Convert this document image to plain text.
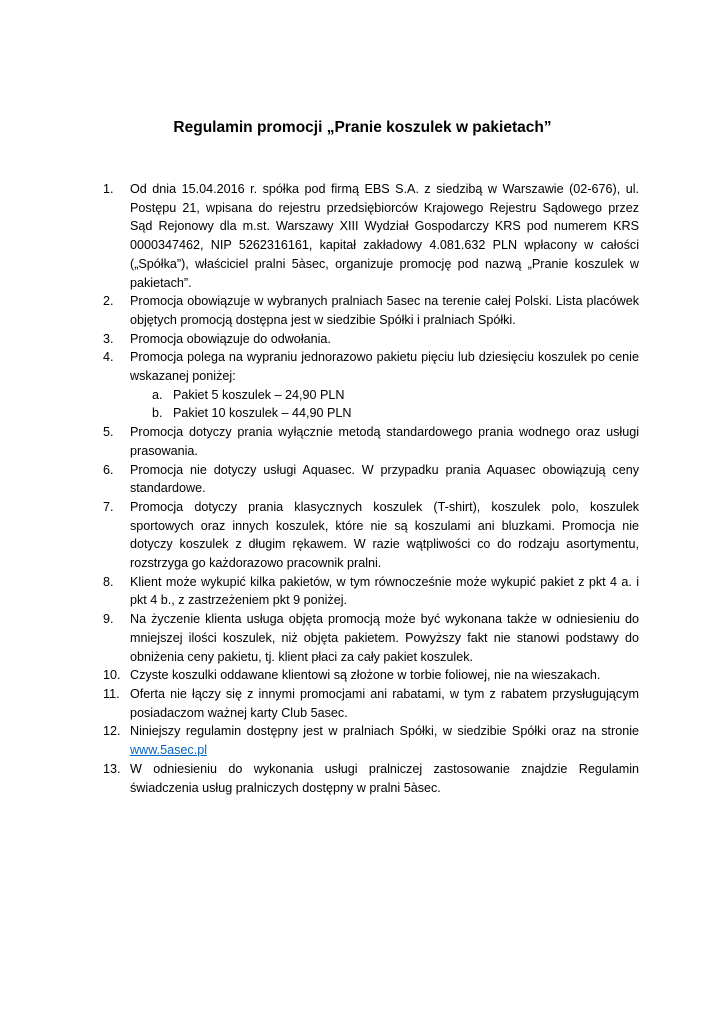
Regulamin promocji „Pranie koszulek w pakietach”
1. Od dnia 15.04.2016 r. spółka pod firmą EBS S.A. z siedzibą w Warszawie (02-676), ul. Postępu 21, wpisana do rejestru przedsiębiorców Krajowego Rejestru Sądowego przez Sąd Rejonowy dla m.st. Warszawy XIII Wydział Gospodarczy KRS pod numerem KRS 0000347462, NIP 5262316161, kapitał zakładowy 4.081.632 PLN wpłacony w całości („Spółka”), właściciel pralni 5àsec, organizuje promocję pod nazwą „Pranie koszulek w pakietach”.
2. Promocja obowiązuje w wybranych pralniach 5asec na terenie całej Polski. Lista placówek objętych promocją dostępna jest w siedzibie Spółki i pralniach Spółki.
3. Promocja obowiązuje do odwołania.
4. Promocja polega na wypraniu jednorazowo pakietu pięciu lub dziesięciu koszulek po cenie wskazanej poniżej:
a. Pakiet 5 koszulek – 24,90 PLN
b. Pakiet 10 koszulek – 44,90 PLN
5. Promocja dotyczy prania wyłącznie metodą standardowego prania wodnego oraz usługi prasowania.
6. Promocja nie dotyczy usługi Aquasec. W przypadku prania Aquasec obowiązują ceny standardowe.
7. Promocja dotyczy prania klasycznych koszulek (T-shirt), koszulek polo, koszulek sportowych oraz innych koszulek, które nie są koszulami ani bluzkami. Promocja nie dotyczy koszulek z długim rękawem. W razie wątpliwości co do rodzaju asortymentu, rozstrzyga go każdorazowo pracownik pralni.
8. Klient może wykupić kilka pakietów, w tym równocześnie może wykupić pakiet z pkt 4 a. i pkt 4 b., z zastrzeżeniem pkt 9 poniżej.
9. Na życzenie klienta usługa objęta promocją może być wykonana także w odniesieniu do mniejszej ilości koszulek, niż objęta pakietem. Powyższy fakt nie stanowi podstawy do obniżenia ceny pakietu, tj. klient płaci za cały pakiet koszulek.
10. Czyste koszulki oddawane klientowi są złożone w torbie foliowej, nie na wieszakach.
11. Oferta nie łączy się z innymi promocjami ani rabatami, w tym z rabatem przysługującym posiadaczom ważnej karty Club 5asec.
12. Niniejszy regulamin dostępny jest w pralniach Spółki, w siedzibie Spółki oraz na stronie www.5asec.pl
13. W odniesieniu do wykonania usługi pralniczej zastosowanie znajdzie Regulamin świadczenia usług pralniczych dostępny w pralni 5àsec.
